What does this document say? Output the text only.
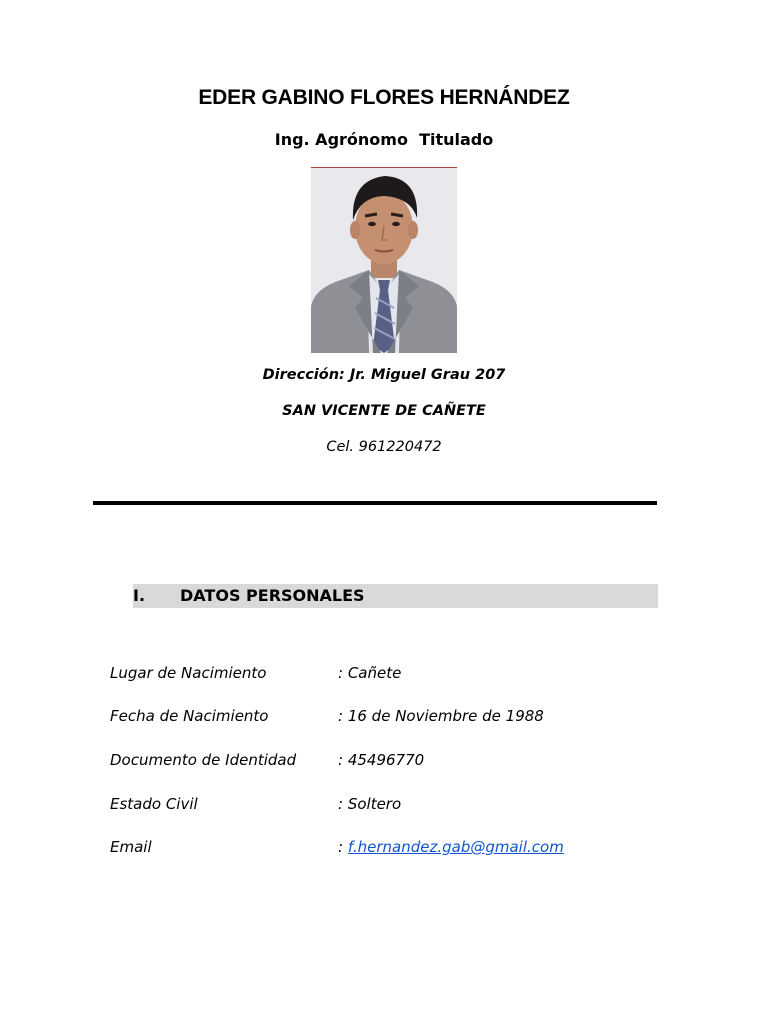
EDER GABINO FLORES HERNÁNDEZ
Ing. Agrónomo  Titulado
Dirección: Jr. Miguel Grau 207
SAN VICENTE DE CAÑETE
Cel. 961220472
I. DATOS PERSONALES
Lugar de Nacimiento	: Cañete
Fecha de Nacimiento	: 16 de Noviembre de 1988
Documento de Identidad	: 45496770
Estado Civil	: Soltero
Email	: f.hernandez.gab@gmail.com
